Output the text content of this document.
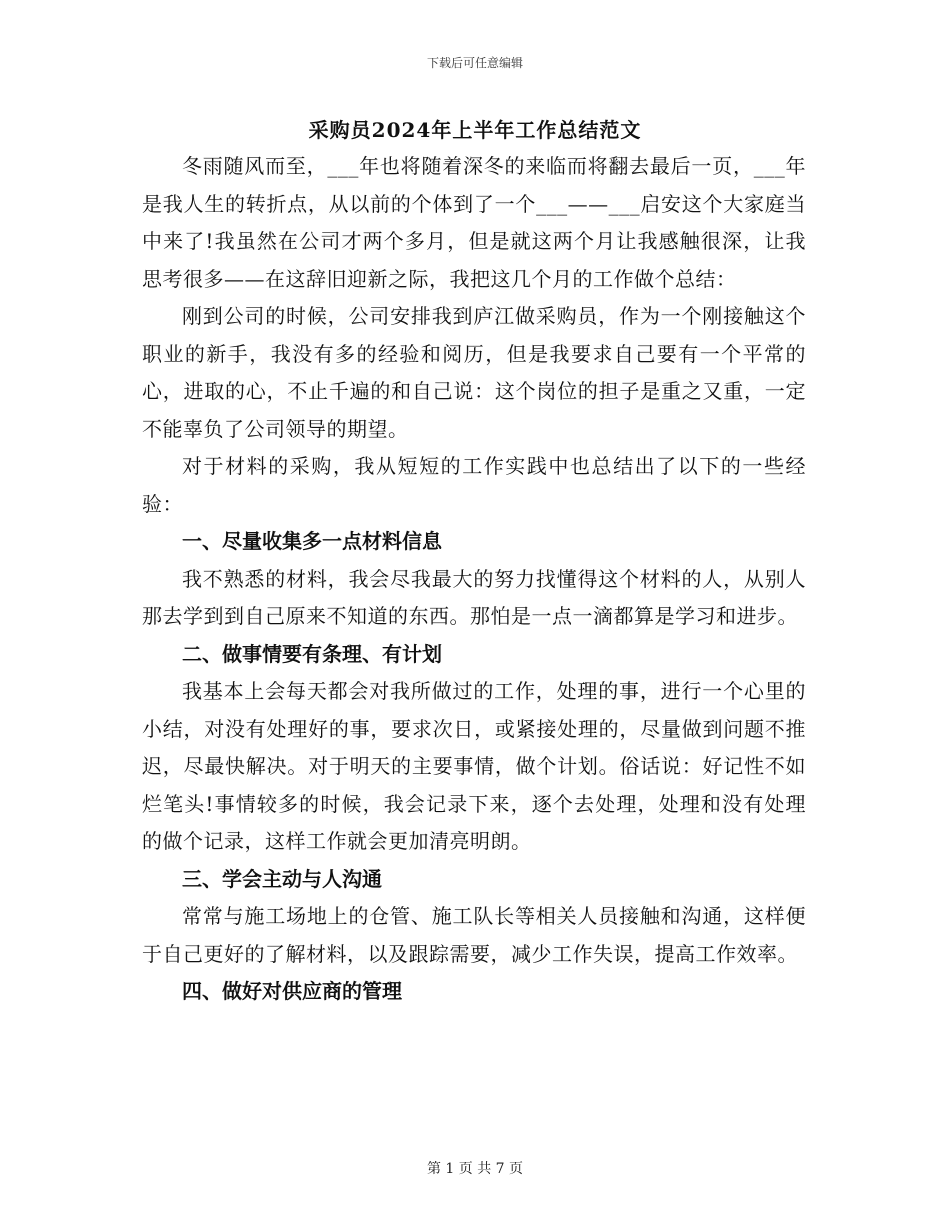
下载后可任意编辑
采购员2024年上半年工作总结范文

冬雨随风而至，___年也将随着深冬的来临而将翻去最后一页，___年是我人生的转折点，从以前的个体到了一个___——___启安这个大家庭当中来了!我虽然在公司才两个多月，但是就这两个月让我感触很深，让我思考很多——在这辞旧迎新之际，我把这几个月的工作做个总结：

刚到公司的时候，公司安排我到庐江做采购员，作为一个刚接触这个职业的新手，我没有多的经验和阅历，但是我要求自己要有一个平常的心，进取的心，不止千遍的和自己说：这个岗位的担子是重之又重，一定不能辜负了公司领导的期望。

对于材料的采购，我从短短的工作实践中也总结出了以下的一些经验：

一、尽量收集多一点材料信息

我不熟悉的材料，我会尽我最大的努力找懂得这个材料的人，从别人那去学到到自己原来不知道的东西。那怕是一点一滴都算是学习和进步。

二、做事情要有条理、有计划

我基本上会每天都会对我所做过的工作，处理的事，进行一个心里的小结，对没有处理好的事，要求次日，或紧接处理的，尽量做到问题不推迟，尽最快解决。对于明天的主要事情，做个计划。俗话说：好记性不如烂笔头!事情较多的时候，我会记录下来，逐个去处理，处理和没有处理的做个记录，这样工作就会更加清亮明朗。

三、学会主动与人沟通

常常与施工场地上的仓管、施工队长等相关人员接触和沟通，这样便于自己更好的了解材料，以及跟踪需要，减少工作失误，提高工作效率。

四、做好对供应商的管理
第 1 页 共 7 页
